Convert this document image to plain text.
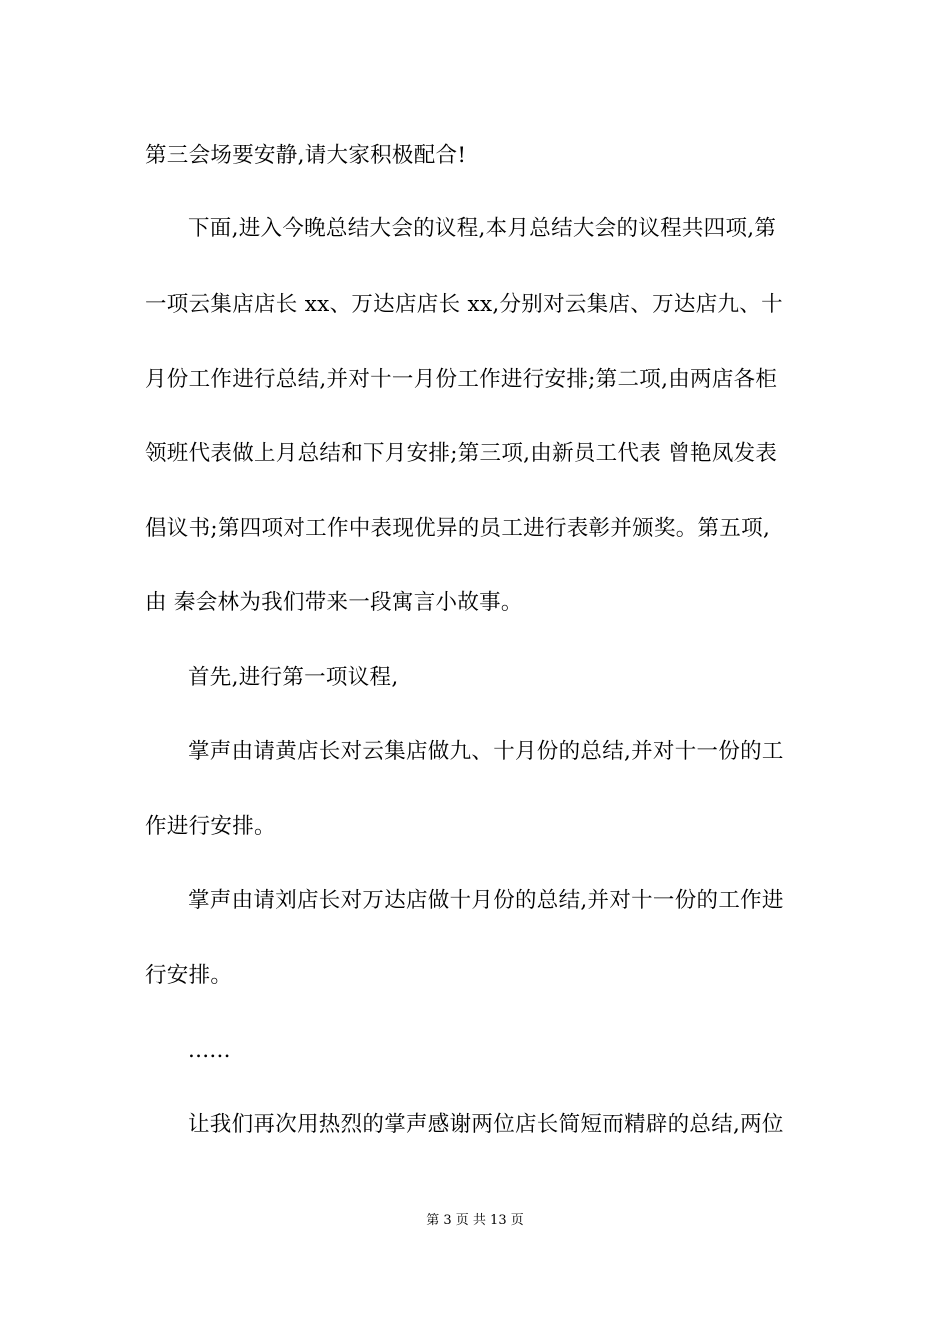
第三会场要安静,请大家积极配合!
下面,进入今晚总结大会的议程,本月总结大会的议程共四项,第
一项云集店店长 xx、万达店店长 xx,分别对云集店、万达店九、十
月份工作进行总结,并对十一月份工作进行安排;第二项,由两店各柜
领班代表做上月总结和下月安排;第三项,由新员工代表 曾艳凤发表
倡议书;第四项对工作中表现优异的员工进行表彰并颁奖。第五项,
由 秦会林为我们带来一段寓言小故事。
首先,进行第一项议程,
掌声由请黄店长对云集店做九、十月份的总结,并对十一份的工
作进行安排。
掌声由请刘店长对万达店做十月份的总结,并对十一份的工作进
行安排。
......
让我们再次用热烈的掌声感谢两位店长简短而精辟的总结,两位
第 3 页 共 13 页
